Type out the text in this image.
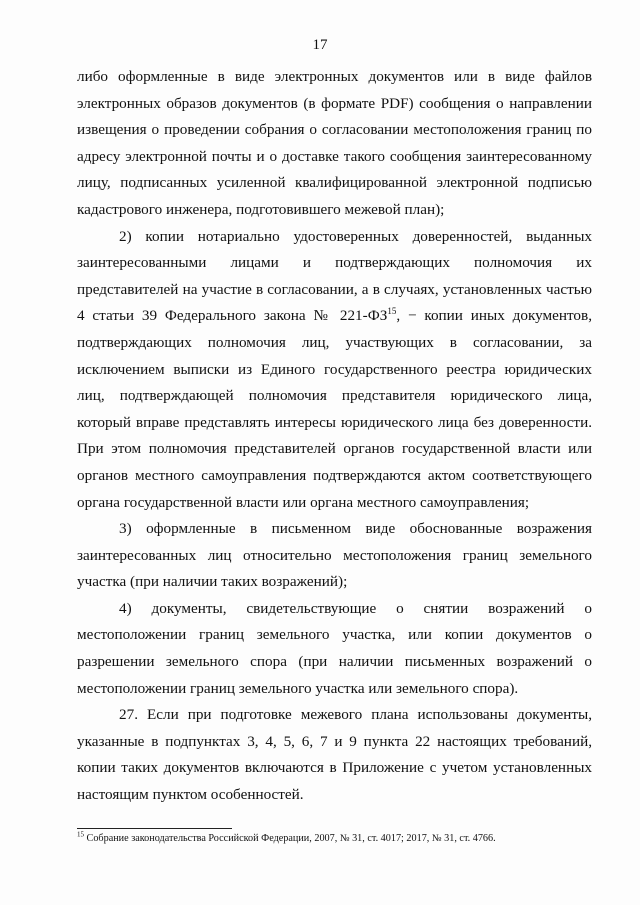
17

либо оформленные в виде электронных документов или в виде файлов электронных образов документов (в формате PDF) сообщения о направлении извещения о проведении собрания о согласовании местоположения границ по адресу электронной почты и о доставке такого сообщения заинтересованному лицу, подписанных усиленной квалифицированной электронной подписью кадастрового инженера, подготовившего межевой план);

2) копии нотариально удостоверенных доверенностей, выданных заинтересованными лицами и подтверждающих полномочия их представителей на участие в согласовании, а в случаях, установленных частью 4 статьи 39 Федерального закона № $221-ФЗ^{15}$, − копии иных документов, подтверждающих полномочия лиц, участвующих в согласовании, за исключением выписки из Единого государственного реестра юридических лиц, подтверждающей полномочия представителя юридического лица, который вправе представлять интересы юридического лица без доверенности. При этом полномочия представителей органов государственной власти или органов местного самоуправления подтверждаются актом соответствующего органа государственной власти или органа местного самоуправления;

3) оформленные в письменном виде обоснованные возражения заинтересованных лиц относительно местоположения границ земельного участка (при наличии таких возражений);

4) документы, свидетельствующие о снятии возражений о местоположении границ земельного участка, или копии документов о разрешении земельного спора (при наличии письменных возражений о местоположении границ земельного участка или земельного спора).

27. Если при подготовке межевого плана использованы документы, указанные в подпунктах 3, 4, 5, 6, 7 и 9 пункта 22 настоящих требований, копии таких документов включаются в Приложение с учетом установленных настоящим пунктом особенностей.

$^{15}$ Собрание законодательства Российской Федерации, 2007, № 31, ст. 4017; 2017, № 31, ст. 4766.
